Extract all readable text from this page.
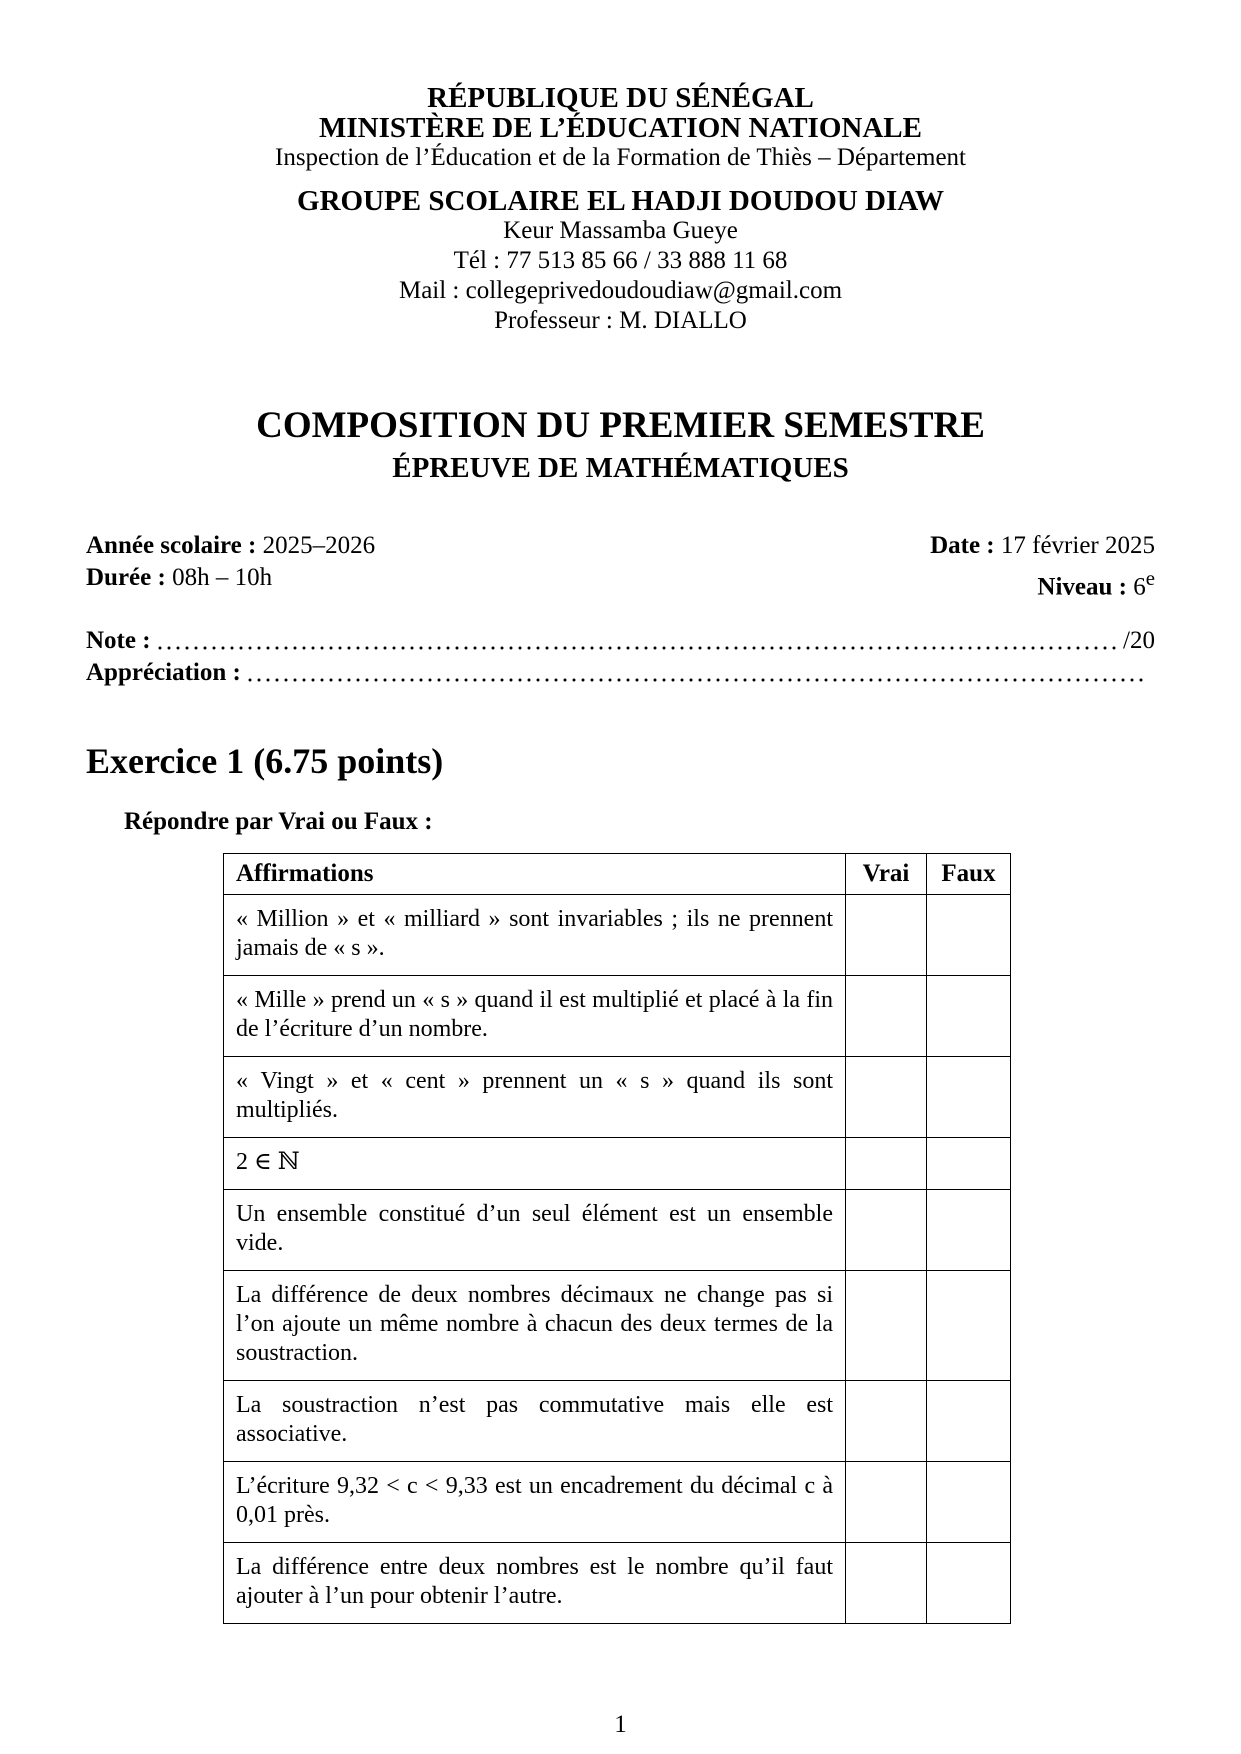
RÉPUBLIQUE DU SÉNÉGAL
MINISTÈRE DE L’ÉDUCATION NATIONALE
Inspection de l’Éducation et de la Formation de Thiès – Département
GROUPE SCOLAIRE EL HADJI DOUDOU DIAW
Keur Massamba Gueye
Tél : 77 513 85 66 / 33 888 11 68
Mail : collegeprivedoudoudiaw@gmail.com
Professeur : M. DIALLO
COMPOSITION DU PREMIER SEMESTRE
ÉPREUVE DE MATHÉMATIQUES
Année scolaire : 2025–2026	Date : 17 février 2025
Durée : 08h – 10h	Niveau : 6e
Note :	/20
Appréciation :
Exercice 1 (6.75 points)

Répondre par Vrai ou Faux :

Affirmations	Vrai	Faux
« Million » et « milliard » sont invariables ; ils ne prennent jamais de « s ».		
« Mille » prend un « s » quand il est multiplié et placé à la fin de l’écriture d’un nombre.		
« Vingt » et « cent » prennent un « s » quand ils sont multipliés.		
2 ∈ ℕ		
Un ensemble constitué d’un seul élément est un ensemble vide.		
La différence de deux nombres décimaux ne change pas si l’on ajoute un même nombre à chacun des deux termes de la soustraction.		
La soustraction n’est pas commutative mais elle est associative.		
L’écriture 9,32 < c < 9,33 est un encadrement du décimal c à 0,01 près.		
La différence entre deux nombres est le nombre qu’il faut ajouter à l’un pour obtenir l’autre.		
1
